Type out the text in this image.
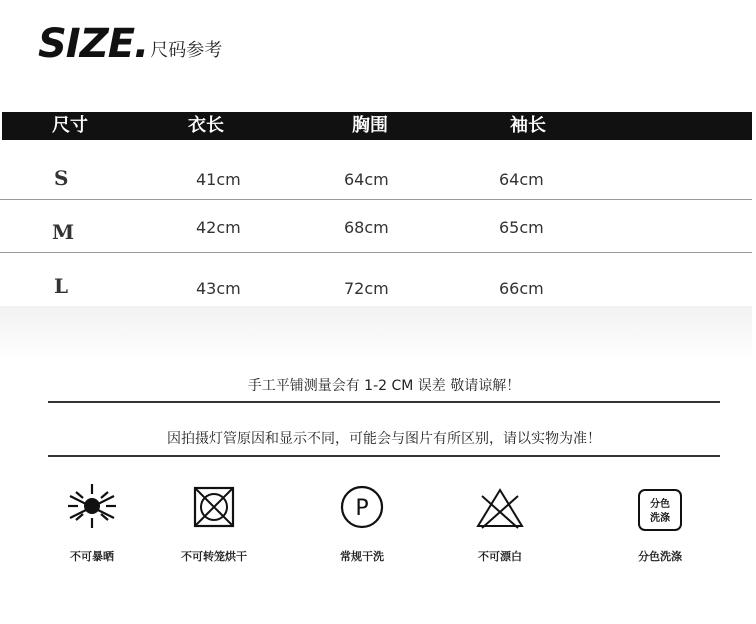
SIZE. 尺码参考
尺寸	衣长	胸围	袖长
S	41cm	64cm	64cm
M	42cm	68cm	65cm
L	43cm	72cm	66cm
手工平铺测量会有 1-2 CM 误差 敬请谅解！
因拍摄灯管原因和显示不同，可能会与图片有所区别，请以实物为准！
不可暴晒	不可转笼烘干
P
常规干洗	不可漂白
分色
洗涤
分色洗涤
